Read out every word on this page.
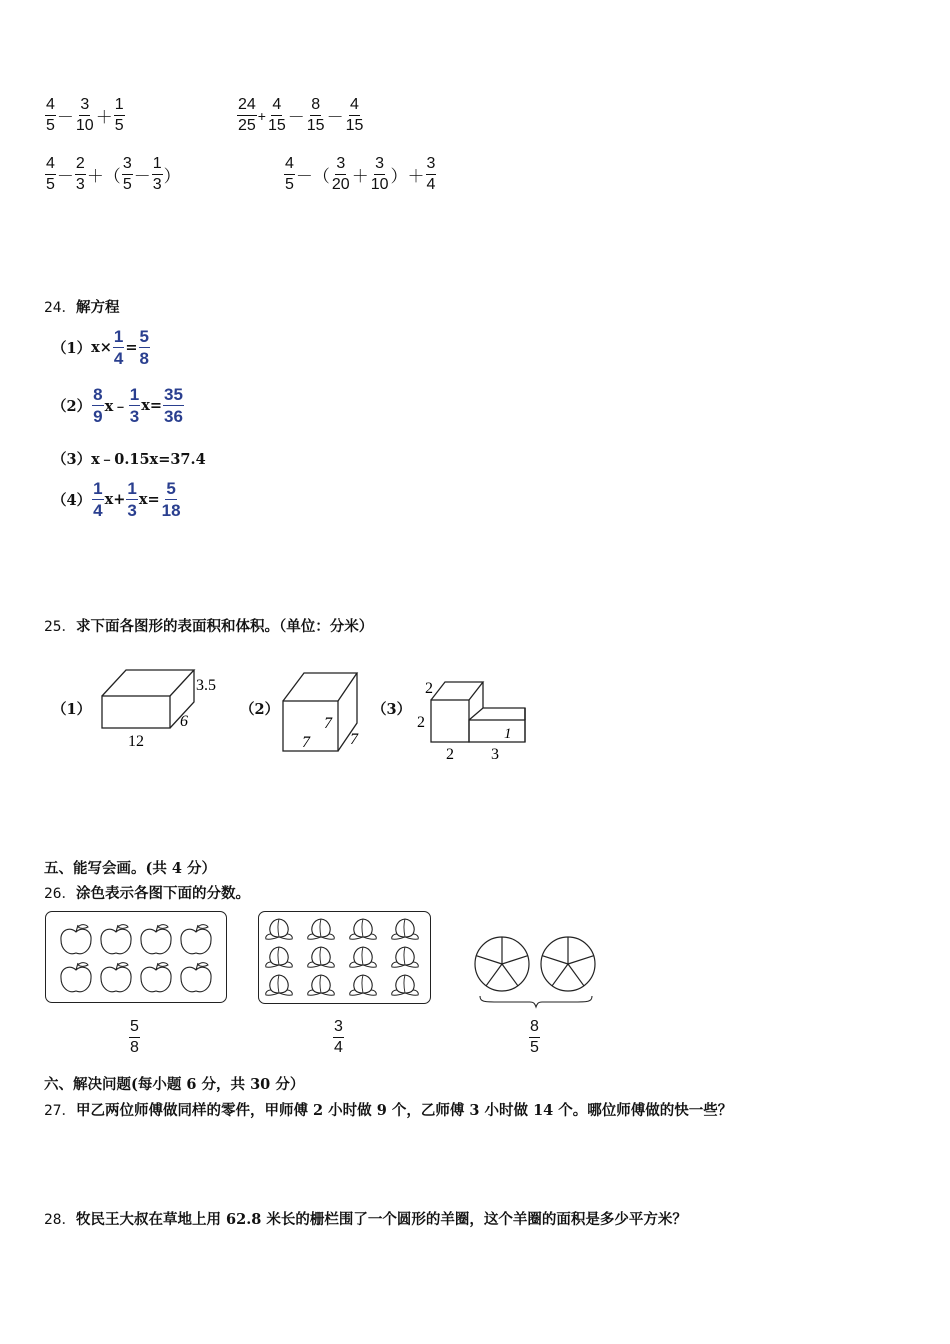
$\frac{4}{5} - \frac{3}{10} + \frac{1}{5}$	$\frac{24}{25} + \frac{4}{15} - \frac{8}{15} - \frac{4}{15}$
$\frac{4}{5} - \frac{2}{3}$ ＋（ $\frac{3}{5} - \frac{1}{3}$ ）	$\frac{4}{5}$ －（ $\frac{3}{20} + \frac{3}{10}$ ）＋ $\frac{3}{4}$
24．解方程
（1） $x\times \frac{1}{4} = \frac{5}{8}$
$(2) \frac{8}{9}$ x﹣ $\frac{1}{3} x= \frac{35}{36}$
（3）x﹣0.15x=37.4
$(4) \frac{1}{4} x+ \frac{1}{3} x= \frac{5}{18}$
25．求下面各图形的表面积和体积。（单位：分米）
（1）
12
6
3.5
（2）
7
7
7
（3）
2
2
2 3
1
五、能写会画。(共 4 分）
26．涂色表示各图下面的分数。
$\frac{5}{8}$	$\frac{3}{4}$	$\frac{8}{5}$
六、解决问题(每小题 6 分，共 30 分）
27．甲乙两位师傅做同样的零件，甲师傅 2 小时做 9 个，乙师傅 3 小时做 14 个。哪位师傅做的快一些？
28．牧民王大叔在草地上用 62.8 米长的栅栏围了一个圆形的羊圈，这个羊圈的面积是多少平方米？
